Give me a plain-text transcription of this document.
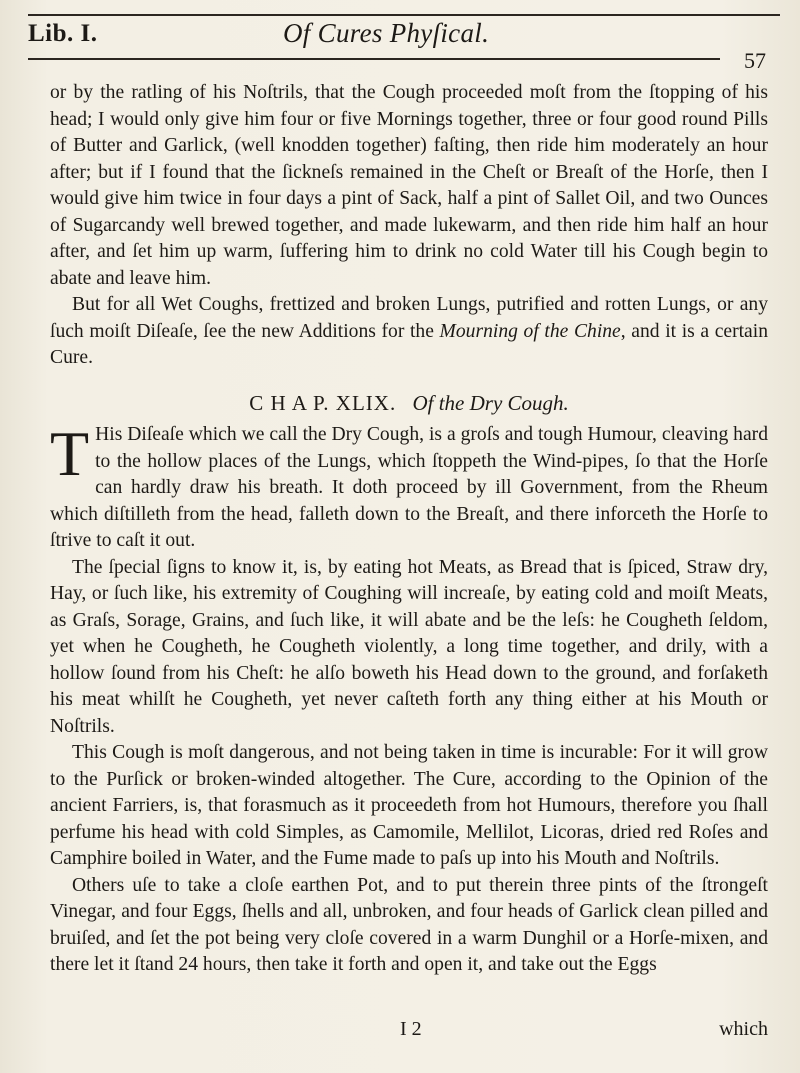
Lib. I.	Of Cures Phyſical.
57

or by the ratling of his Noſtrils, that the Cough proceeded moſt from the ſtopping of his head; I would only give him four or five Mornings together, three or four good round Pills of Butter and Garlick, (well knodden together) faſting, then ride him moderately an hour after; but if I found that the ſickneſs remained in the Cheſt or Breaſt of the Horſe, then I would give him twice in four days a pint of Sack, half a pint of Sallet Oil, and two Ounces of Sugarcandy well brewed together, and made lukewarm, and then ride him half an hour after, and ſet him up warm, ſuffering him to drink no cold Water till his Cough begin to abate and leave him.

But for all Wet Coughs, frettized and broken Lungs, putrified and rotten Lungs, or any ſuch moiſt Diſeaſe, ſee the new Additions for the Mourning of the Chine, and it is a certain Cure.

C H A P. XLIX. Of the Dry Cough.

T His Diſeaſe which we call the Dry Cough, is a groſs and tough Humour, cleaving hard to the hollow places of the Lungs, which ſtoppeth the Wind-pipes, ſo that the Horſe can hardly draw his breath. It doth proceed by ill Government, from the Rheum which diſtilleth from the head, falleth down to the Breaſt, and there inforceth the Horſe to ſtrive to caſt it out.

The ſpecial ſigns to know it, is, by eating hot Meats, as Bread that is ſpiced, Straw dry, Hay, or ſuch like, his extremity of Coughing will increaſe, by eating cold and moiſt Meats, as Graſs, Sorage, Grains, and ſuch like, it will abate and be the leſs: he Cougheth ſeldom, yet when he Cougheth, he Cougheth violently, a long time together, and drily, with a hollow ſound from his Cheſt: he alſo boweth his Head down to the ground, and forſaketh his meat whilſt he Cougheth, yet never caſteth forth any thing either at his Mouth or Noſtrils.

This Cough is moſt dangerous, and not being taken in time is incurable: For it will grow to the Purſick or broken-winded altogether. The Cure, according to the Opinion of the ancient Farriers, is, that forasmuch as it proceedeth from hot Humours, therefore you ſhall perfume his head with cold Simples, as Camomile, Mellilot, Licoras, dried red Roſes and Camphire boiled in Water, and the Fume made to paſs up into his Mouth and Noſtrils.

Others uſe to take a cloſe earthen Pot, and to put therein three pints of the ſtrongeſt Vinegar, and four Eggs, ſhells and all, unbroken, and four heads of Garlick clean pilled and bruiſed, and ſet the pot being very cloſe covered in a warm Dunghil or a Horſe-mixen, and there let it ſtand 24 hours, then take it forth and open it, and take out the Eggs

I 2	which
